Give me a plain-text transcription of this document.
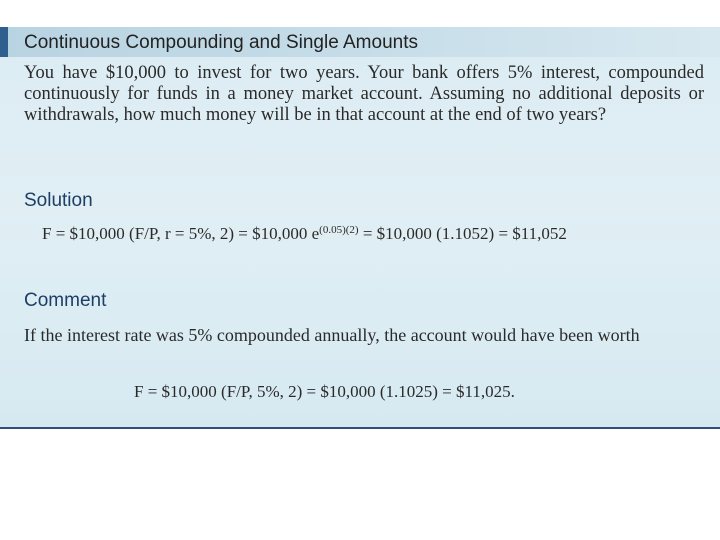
Continuous Compounding and Single Amounts
You have $10,000 to invest for two years. Your bank offers 5% interest, compounded continuously for funds in a money market account. Assuming no additional deposits or withdrawals, how much money will be in that account at the end of two years?
Solution
F = $10,000 (F/P, r = 5%, 2) = $10,000 $e^{(0.05)(2)}$ = $10,000 (1.1052) = $11,052
Comment
If the interest rate was 5% compounded annually, the account would have been worth
F = $10,000 (F/P, 5%, 2) = $10,000 (1.1025) = $11,025.
